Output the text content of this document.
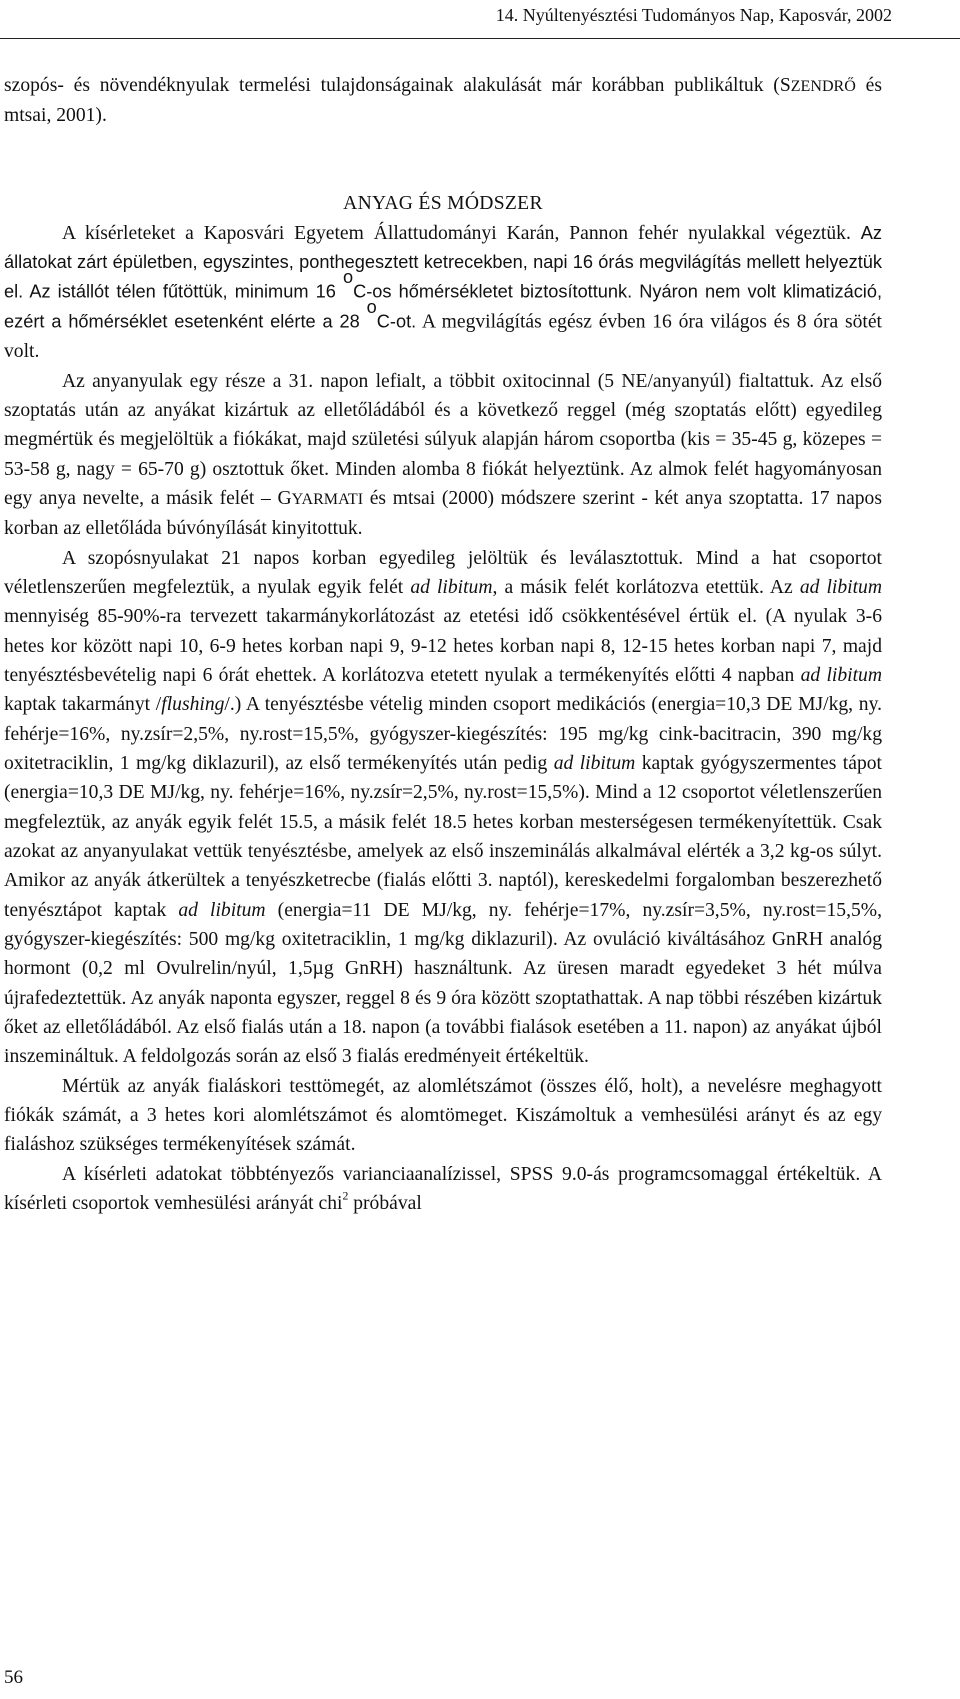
14. Nyúltenyésztési Tudományos Nap, Kaposvár, 2002

szopós- és növendéknyulak termelési tulajdonságainak alakulását már korábban publikáltuk (SZENDRŐ és mtsai, 2001).

ANYAG ÉS MÓDSZER

A kísérleteket a Kaposvári Egyetem Állattudományi Karán, Pannon fehér nyulakkal végeztük. Az állatokat zárt épületben, egyszintes, ponthegesztett ketrecekben, napi 16 órás megvilágítás mellett helyeztük el. Az istállót télen fűtöttük, minimum 16 $^o$C-os hőmérsékletet biztosítottunk. Nyáron nem volt klimatizáció, ezért a hőmérséklet esetenként elérte a 28 $^o$C-ot. A megvilágítás egész évben 16 óra világos és 8 óra sötét volt.

Az anyanyulak egy része a 31. napon lefialt, a többit oxitocinnal (5 NE/anyanyúl) fialtattuk. Az első szoptatás után az anyákat kizártuk az elletőládából és a következő reggel (még szoptatás előtt) egyedileg megmértük és megjelöltük a fiókákat, majd születési súlyuk alapján három csoportba (kis = 35-45 g, közepes = 53-58 g, nagy = 65-70 g) osztottuk őket. Minden alomba 8 fiókát helyeztünk. Az almok felét hagyományosan egy anya nevelte, a másik felét – GYARMATI és mtsai (2000) módszere szerint - két anya szoptatta. 17 napos korban az elletőláda búvónyílását kinyitottuk.

A szopósnyulakat 21 napos korban egyedileg jelöltük és leválasztottuk. Mind a hat csoportot véletlenszerűen megfeleztük, a nyulak egyik felét ad libitum, a másik felét korlátozva etettük. Az ad libitum mennyiség 85-90%-ra tervezett takarmánykorlátozást az etetési idő csökkentésével értük el. (A nyulak 3-6 hetes kor között napi 10, 6-9 hetes korban napi 9, 9-12 hetes korban napi 8, 12-15 hetes korban napi 7, majd tenyésztésbevételig napi 6 órát ehettek. A korlátozva etetett nyulak a termékenyítés előtti 4 napban ad libitum kaptak takarmányt /flushing/.) A tenyésztésbe vételig minden csoport medikációs (energia=10,3 DE MJ/kg, ny. fehérje=16%, ny.zsír=2,5%, ny.rost=15,5%, gyógyszer-kiegészítés: 195 mg/kg cink-bacitracin, 390 mg/kg oxitetraciklin, 1 mg/kg diklazuril), az első termékenyítés után pedig ad libitum kaptak gyógyszermentes tápot (energia=10,3 DE MJ/kg, ny. fehérje=16%, ny.zsír=2,5%, ny.rost=15,5%). Mind a 12 csoportot véletlenszerűen megfeleztük, az anyák egyik felét 15.5, a másik felét 18.5 hetes korban mesterségesen termékenyítettük. Csak azokat az anyanyulakat vettük tenyésztésbe, amelyek az első inszeminálás alkalmával elérték a 3,2 kg-os súlyt. Amikor az anyák átkerültek a tenyészketrecbe (fialás előtti 3. naptól), kereskedelmi forgalomban beszerezhető tenyésztápot kaptak ad libitum (energia=11 DE MJ/kg, ny. fehérje=17%, ny.zsír=3,5%, ny.rost=15,5%, gyógyszer-kiegészítés: 500 mg/kg oxitetraciklin, 1 mg/kg diklazuril). Az ovuláció kiváltásához GnRH analóg hormont (0,2 ml Ovulrelin/nyúl, 1,5µg GnRH) használtunk. Az üresen maradt egyedeket 3 hét múlva újrafedeztettük. Az anyák naponta egyszer, reggel 8 és 9 óra között szoptathattak. A nap többi részében kizártuk őket az elletőládából. Az első fialás után a 18. napon (a további fialások esetében a 11. napon) az anyákat újból inszemináltuk. A feldolgozás során az első 3 fialás eredményeit értékeltük.

Mértük az anyák fialáskori testtömegét, az alomlétszámot (összes élő, holt), a nevelésre meghagyott fiókák számát, a 3 hetes kori alomlétszámot és alomtömeget. Kiszámoltuk a vemhesülési arányt és az egy fialáshoz szükséges termékenyítések számát.

A kísérleti adatokat többtényezős varianciaanalízissel, SPSS 9.0-ás programcsomaggal értékeltük. A kísérleti csoportok vemhesülési arányát chi$^2$ próbával

56
